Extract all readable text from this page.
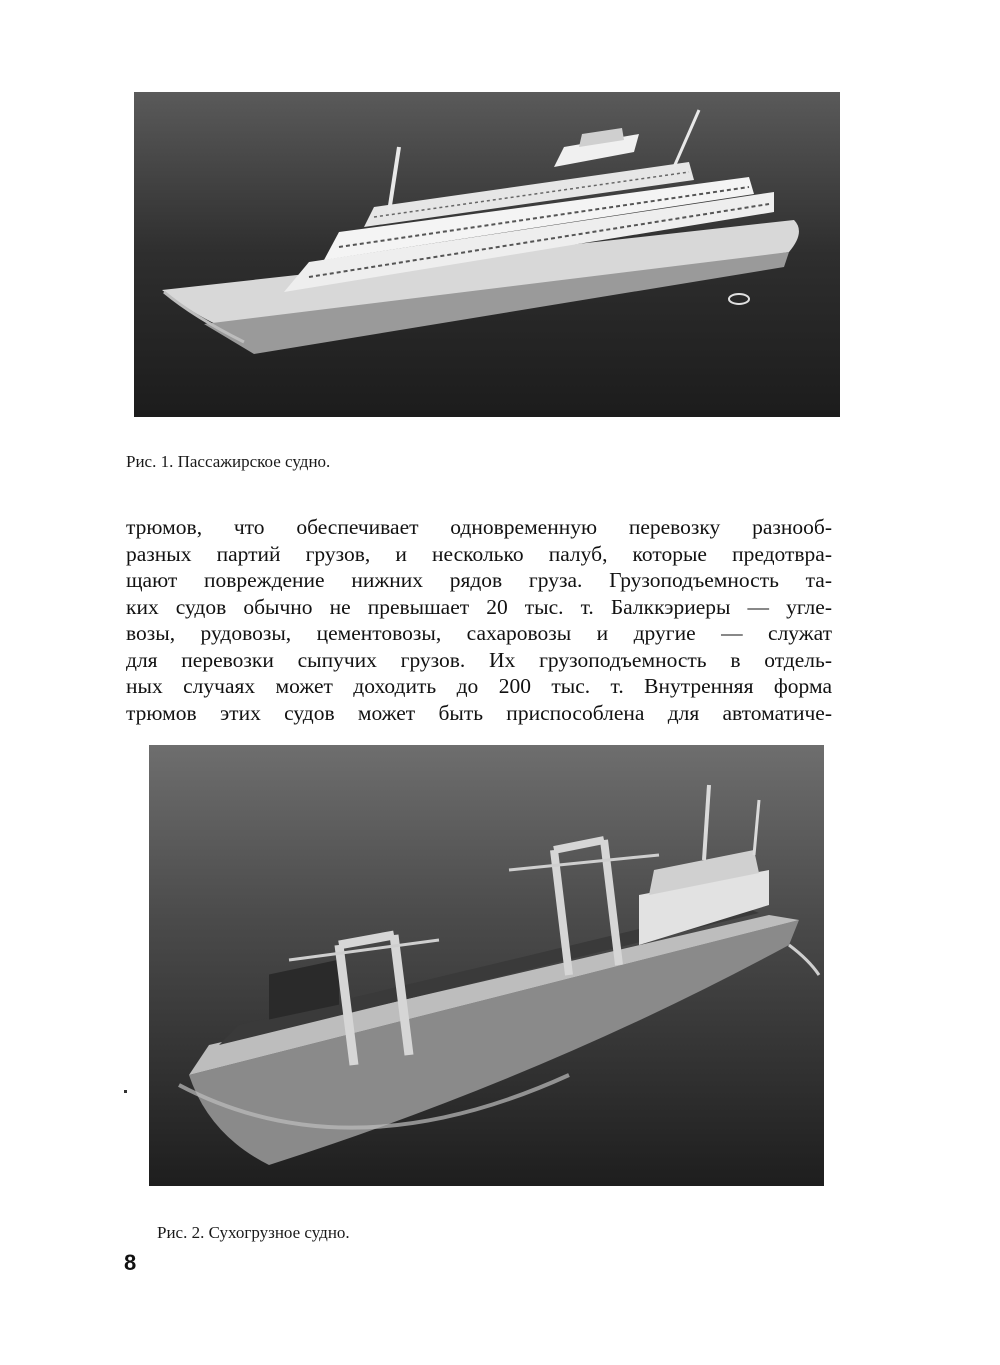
Рис. 1. Пассажирское судно.
трюмов, что обеспечивает одновременную перевозку разнооб-
разных партий грузов, и несколько палуб, которые предотвра-
щают повреждение нижних рядов груза. Грузоподъемность та-
ких судов обычно не превышает 20 тыс. т. Балккэриеры — угле-
возы, рудовозы, цементовозы, сахаровозы и другие — служат
для перевозки сыпучих грузов. Их грузоподъемность в отдель-
ных случаях может доходить до 200 тыс. т. Внутренняя форма
трюмов этих судов может быть приспособлена для автоматиче-
Рис. 2. Сухогрузное судно.
8
